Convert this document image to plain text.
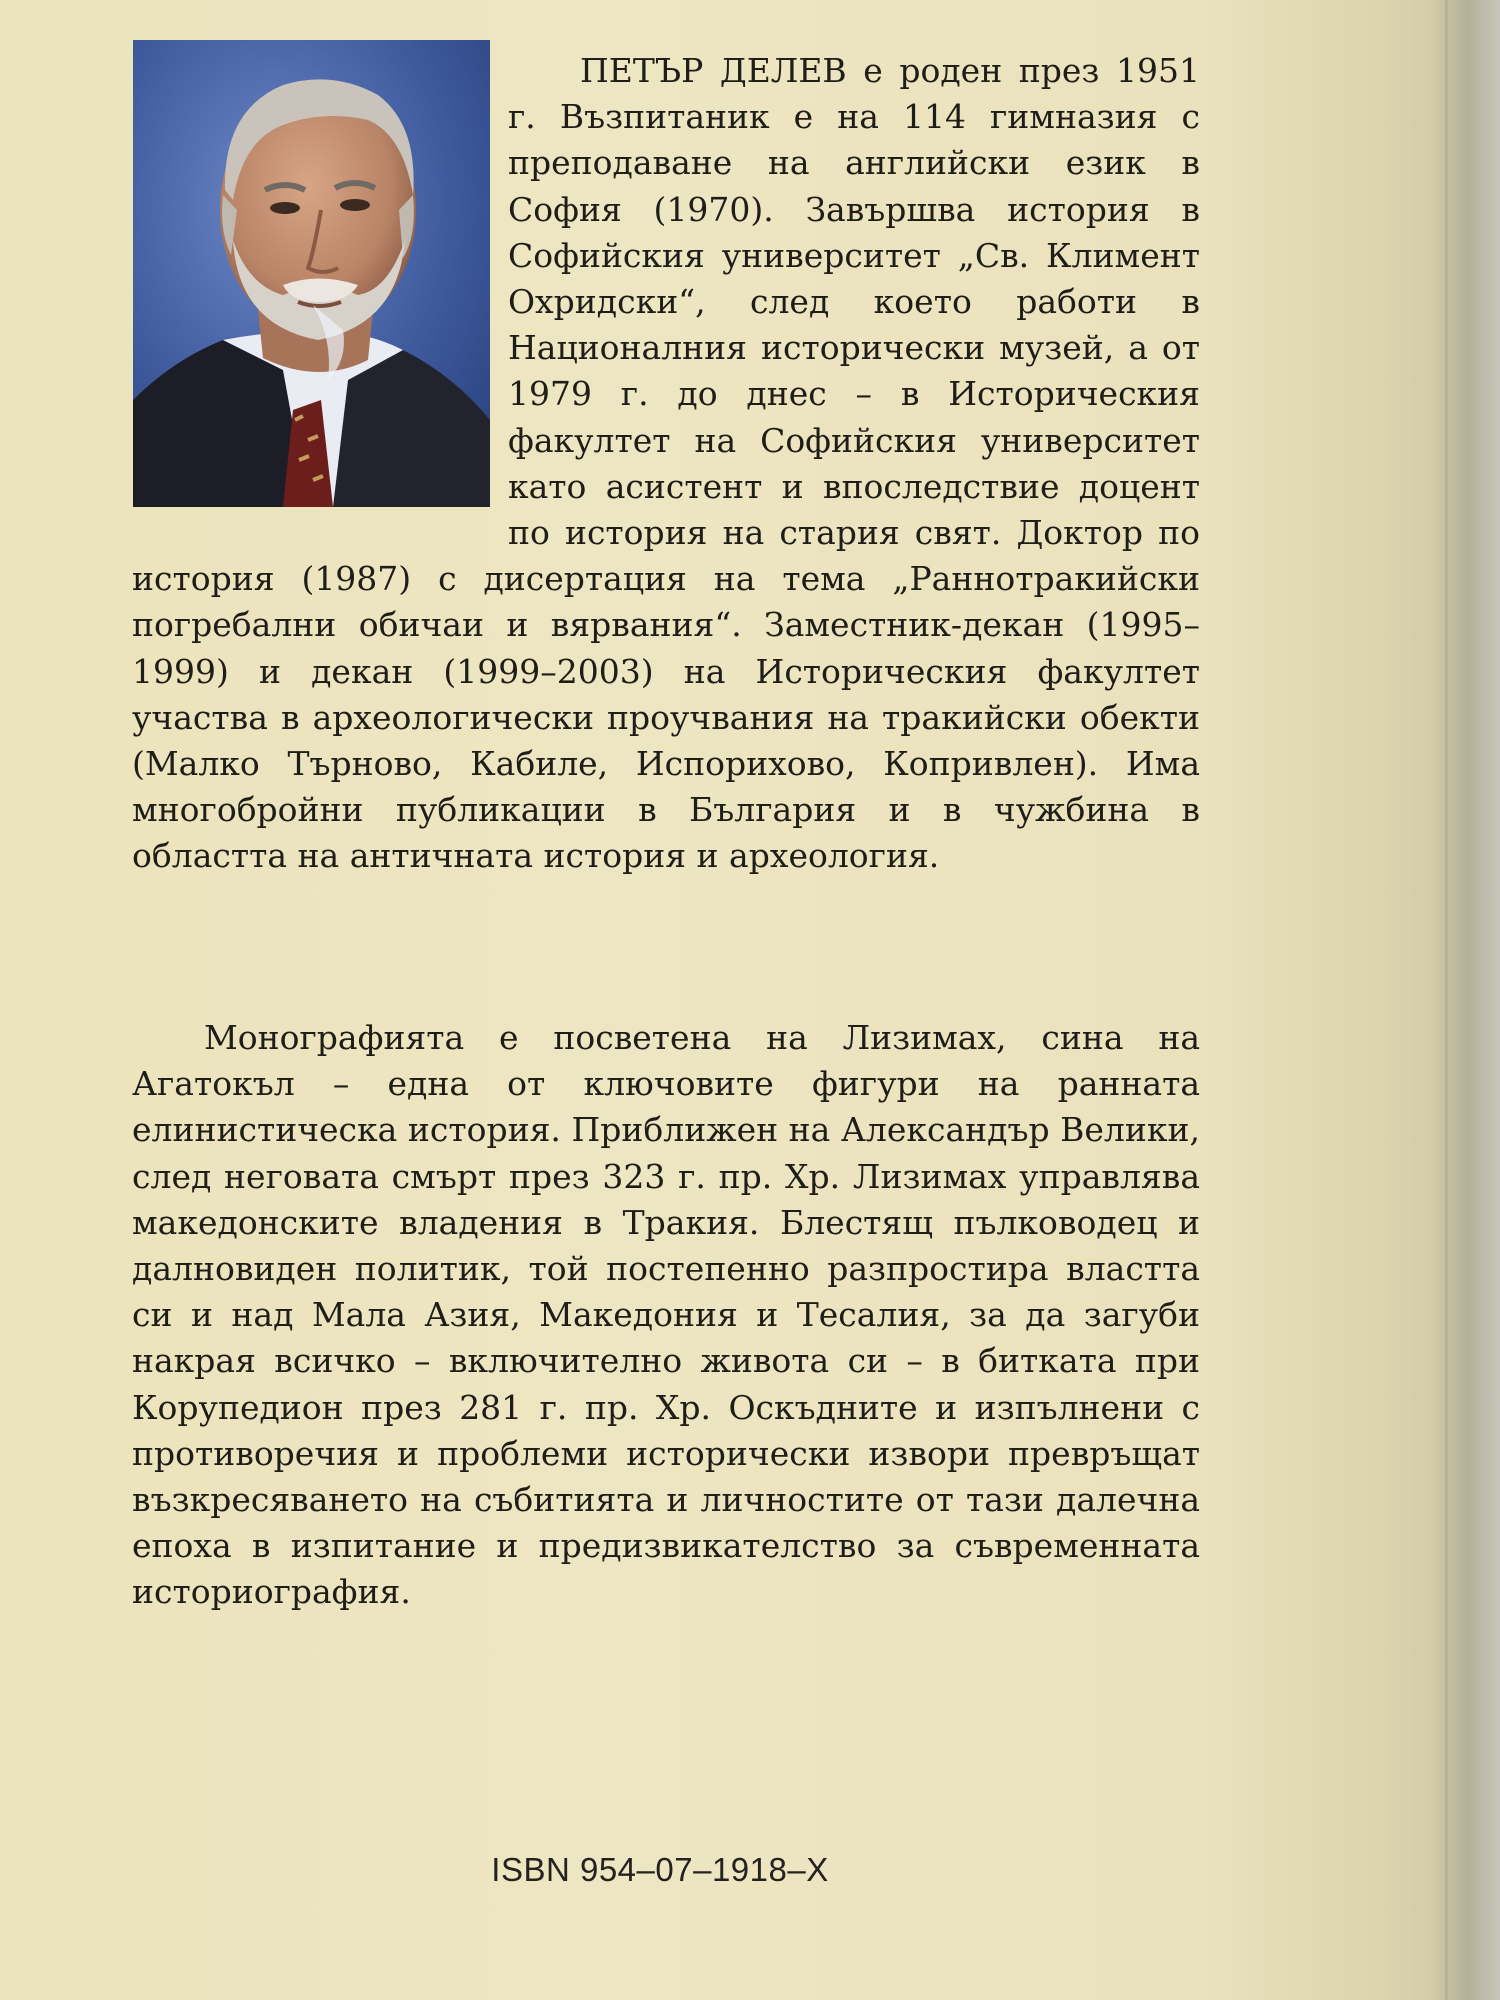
ПЕТЪР ДЕЛЕВ е роден през 1951 г. Възпитаник е на 114 гимназия с преподаване на английски език в София (1970). Завършва история в Софийския университет „Св. Климент Охридски“, след което работи в Националния исторически музей, а от 1979 г. до днес – в Историческия факултет на Софийския университет като асистент и впоследствие доцент по история на стария свят. Доктор по история (1987) с дисертация на тема „Раннотракийски погребални обичаи и вярвания“. Заместник-декан (1995–1999) и декан (1999–2003) на Историческия факултет участва в археологически проучвания на тракийски обекти (Малко Търново, Кабиле, Испорихово, Копривлен). Има многобройни публикации в България и в чужбина в областта на античната история и археология.

Монографията е посветена на Лизимах, сина на Агатокъл – една от ключовите фигури на ранната елинистическа история. Приближен на Александър Велики, след неговата смърт през 323 г. пр. Хр. Лизимах управлява македонските владения в Тракия. Блестящ пълководец и далновиден политик, той постепенно разпростира властта си и над Мала Азия, Македония и Тесалия, за да загуби накрая всичко – включително живота си – в битката при Корупедион през 281 г. пр. Хр. Оскъдните и изпълнени с противоречия и проблеми исторически извори превръщат възкресяването на събитията и личностите от тази далечна епоха в изпитание и предизвикателство за съвременната историография.

ISBN 954–07–1918–X
